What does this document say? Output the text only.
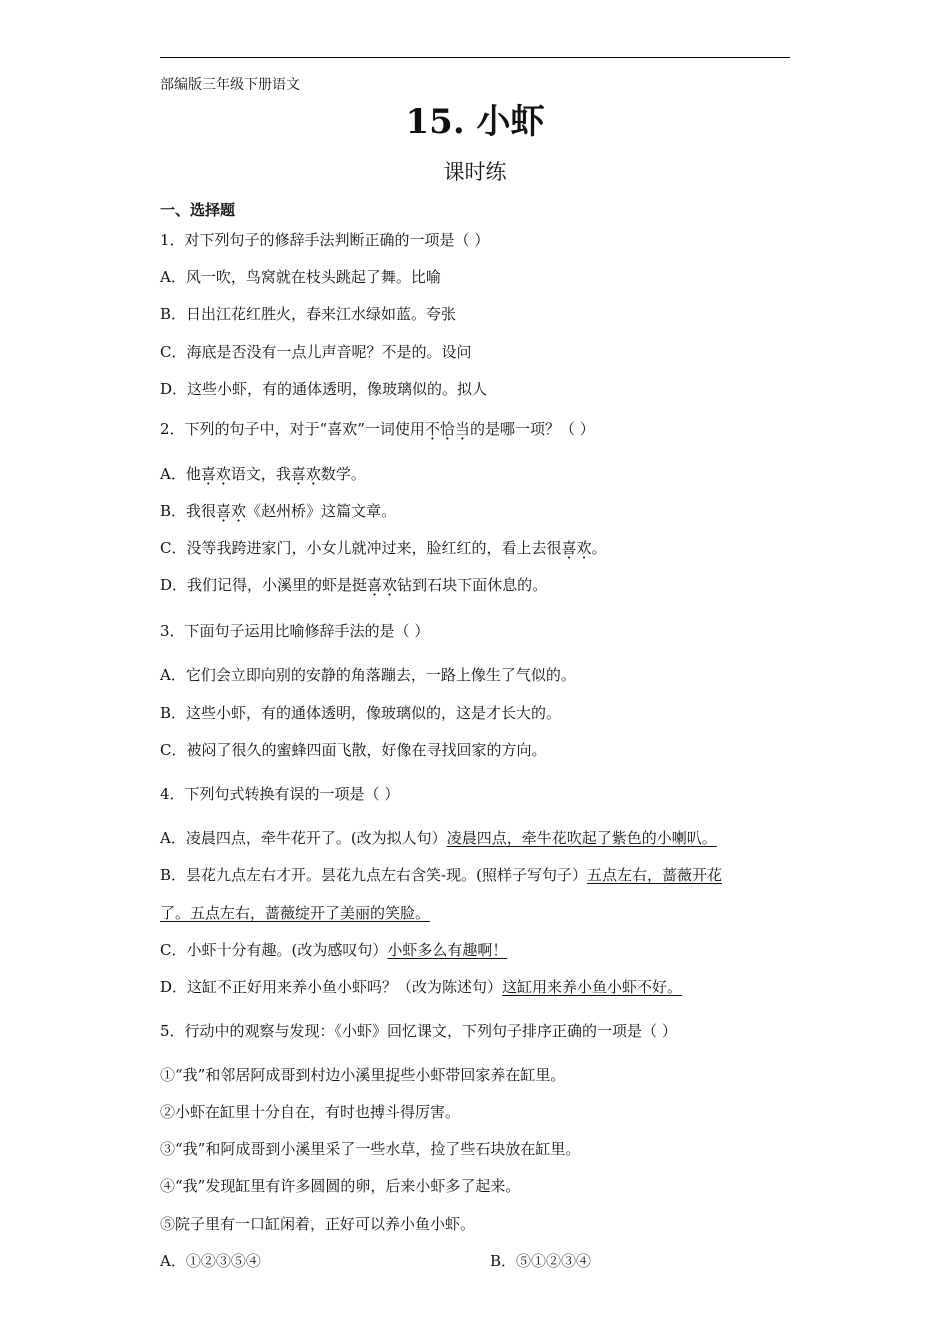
部编版三年级下册语文
15. 小虾
课时练
一、选择题
1．对下列句子的修辞手法判断正确的一项是（ ）
A．风一吹，鸟窝就在枝头跳起了舞。比喻
B．日出江花红胜火，春来江水绿如蓝。夸张
C．海底是否没有一点儿声音呢？不是的。设问
D．这些小虾，有的通体透明，像玻璃似的。拟人
2．下列的句子中，对于“喜欢”一词使用不恰当的是哪一项？（ ）
A．他喜欢语文，我喜欢数学。
B．我很喜欢《赵州桥》这篇文章。
C．没等我跨进家门，小女儿就冲过来，脸红红的，看上去很喜欢。
D．我们记得，小溪里的虾是挺喜欢钻到石块下面休息的。
3．下面句子运用比喻修辞手法的是（ ）
A．它们会立即向别的安静的角落蹦去，一路上像生了气似的。
B．这些小虾，有的通体透明，像玻璃似的，这是才长大的。
C．被闷了很久的蜜蜂四面飞散，好像在寻找回家的方向。
4．下列句式转换有误的一项是（ ）
A．凌晨四点，牵牛花开了。(改为拟人句）凌晨四点，牵牛花吹起了紫色的小喇叭。
B．昙花九点左右才开。昙花九点左右含笑-现。(照样子写句子）五点左右，蔷薇开花
了。五点左右，蔷薇绽开了美丽的笑脸。
C．小虾十分有趣。(改为感叹句）小虾多么有趣啊！
D．这缸不正好用来养小鱼小虾吗？（改为陈述句）这缸用来养小鱼小虾不好。
5．行动中的观察与发现：《小虾》回忆课文，下列句子排序正确的一项是（ ）
①“我”和邻居阿成哥到村边小溪里捉些小虾带回家养在缸里。
②小虾在缸里十分自在，有时也搏斗得厉害。
③“我”和阿成哥到小溪里采了一些水草，捡了些石块放在缸里。
④“我”发现缸里有许多圆圆的卵，后来小虾多了起来。
⑤院子里有一口缸闲着，正好可以养小鱼小虾。
A．①②③⑤④	B．⑤①②③④
